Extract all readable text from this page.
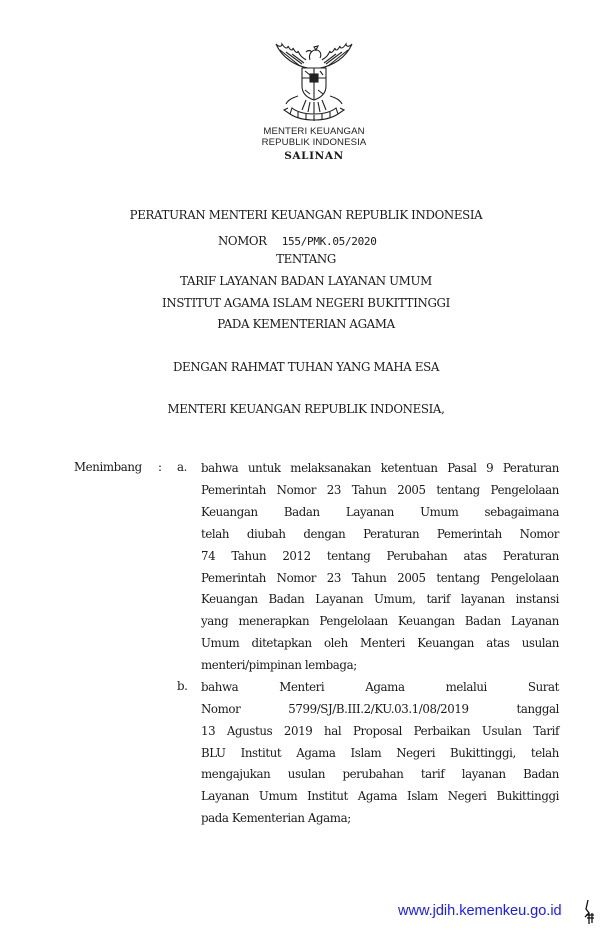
MENTERI KEUANGAN
REPUBLIK INDONESIA
SALINAN
PERATURAN MENTERI KEUANGAN REPUBLIK INDONESIA
NOMOR 155/PMK.05/2020
TENTANG
TARIF LAYANAN BADAN LAYANAN UMUM
INSTITUT AGAMA ISLAM NEGERI BUKITTINGGI
PADA KEMENTERIAN AGAMA
DENGAN RAHMAT TUHAN YANG MAHA ESA
MENTERI KEUANGAN REPUBLIK INDONESIA,
Menimbang : a. bahwa untuk melaksanakan ketentuan Pasal 9 Peraturan
Pemerintah Nomor 23 Tahun 2005 tentang Pengelolaan
Keuangan Badan Layanan Umum sebagaimana
telah diubah dengan Peraturan Pemerintah Nomor
74 Tahun 2012 tentang Perubahan atas Peraturan
Pemerintah Nomor 23 Tahun 2005 tentang Pengelolaan
Keuangan Badan Layanan Umum, tarif layanan instansi
yang menerapkan Pengelolaan Keuangan Badan Layanan
Umum ditetapkan oleh Menteri Keuangan atas usulan
menteri/pimpinan lembaga;
b. bahwa Menteri Agama melalui Surat
Nomor 5799/SJ/B.III.2/KU.03.1/08/2019 tanggal
13 Agustus 2019 hal Proposal Perbaikan Usulan Tarif
BLU Institut Agama Islam Negeri Bukittinggi, telah
mengajukan usulan perubahan tarif layanan Badan
Layanan Umum Institut Agama Islam Negeri Bukittinggi
pada Kementerian Agama;
www.jdih.kemenkeu.go.id
